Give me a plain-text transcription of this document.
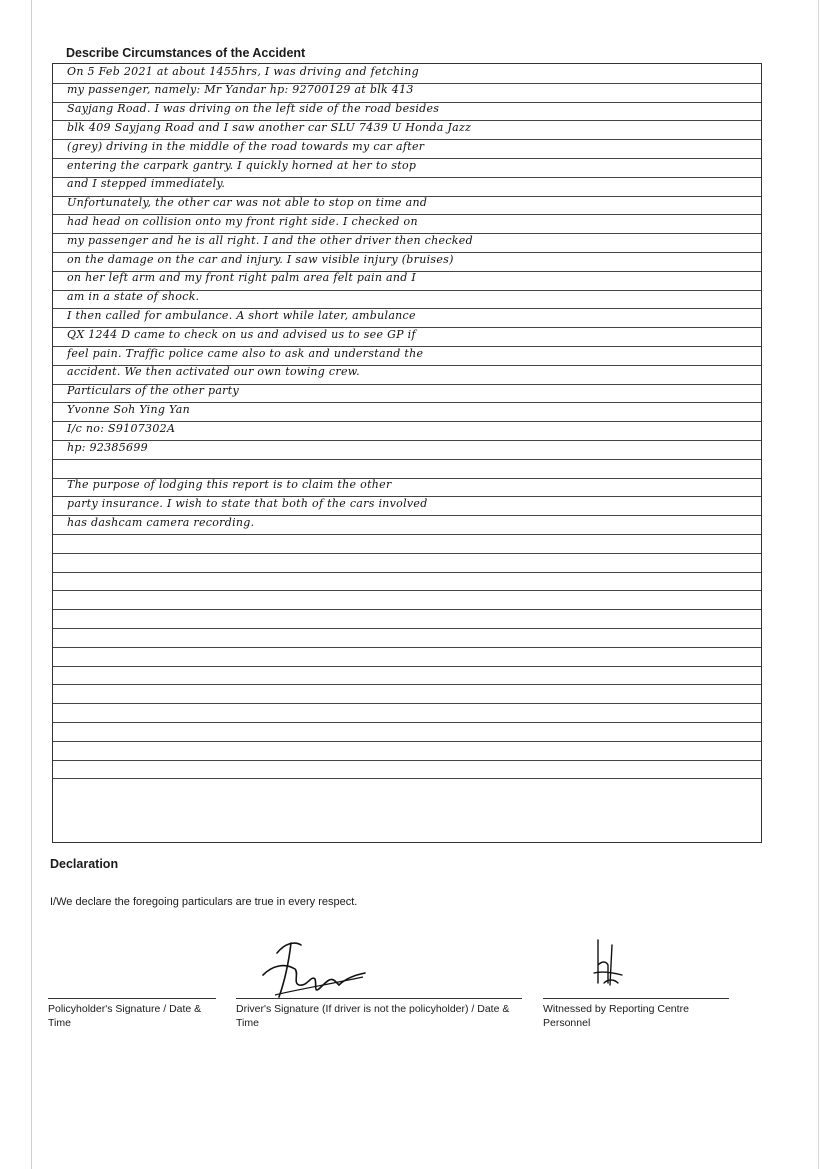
Describe Circumstances of the Accident
On 5 Feb 2021 at about 1455hrs, I was driving and fetching
my passenger, namely: Mr Yandar hp: 92700129 at blk 413
Sayjang Road. I was driving on the left side of the road besides
blk 409 Sayjang Road and I saw another car SLU 7439 U Honda Jazz
(grey) driving in the middle of the road towards my car after
entering the carpark gantry. I quickly horned at her to stop
and I stepped immediately.
Unfortunately, the other car was not able to stop on time and
had head on collision onto my front right side. I checked on
my passenger and he is all right. I and the other driver then checked
on the damage on the car and injury. I saw visible injury (bruises)
on her left arm and my front right palm area felt pain and I
am in a state of shock.
I then called for ambulance. A short while later, ambulance
QX 1244 D came to check on us and advised us to see GP if
feel pain. Traffic police came also to ask and understand the
accident. We then activated our own towing crew.
Particulars of the other party
Yvonne Soh Ying Yan
I/c no: S9107302A
hp: 92385699
The purpose of lodging this report is to claim the other
party insurance. I wish to state that both of the cars involved
has dashcam camera recording.
Declaration
I/We declare the foregoing particulars are true in every respect.
Policyholder's Signature / Date & Time
Driver's Signature (If driver is not the policyholder) / Date & Time
Witnessed by Reporting Centre Personnel
